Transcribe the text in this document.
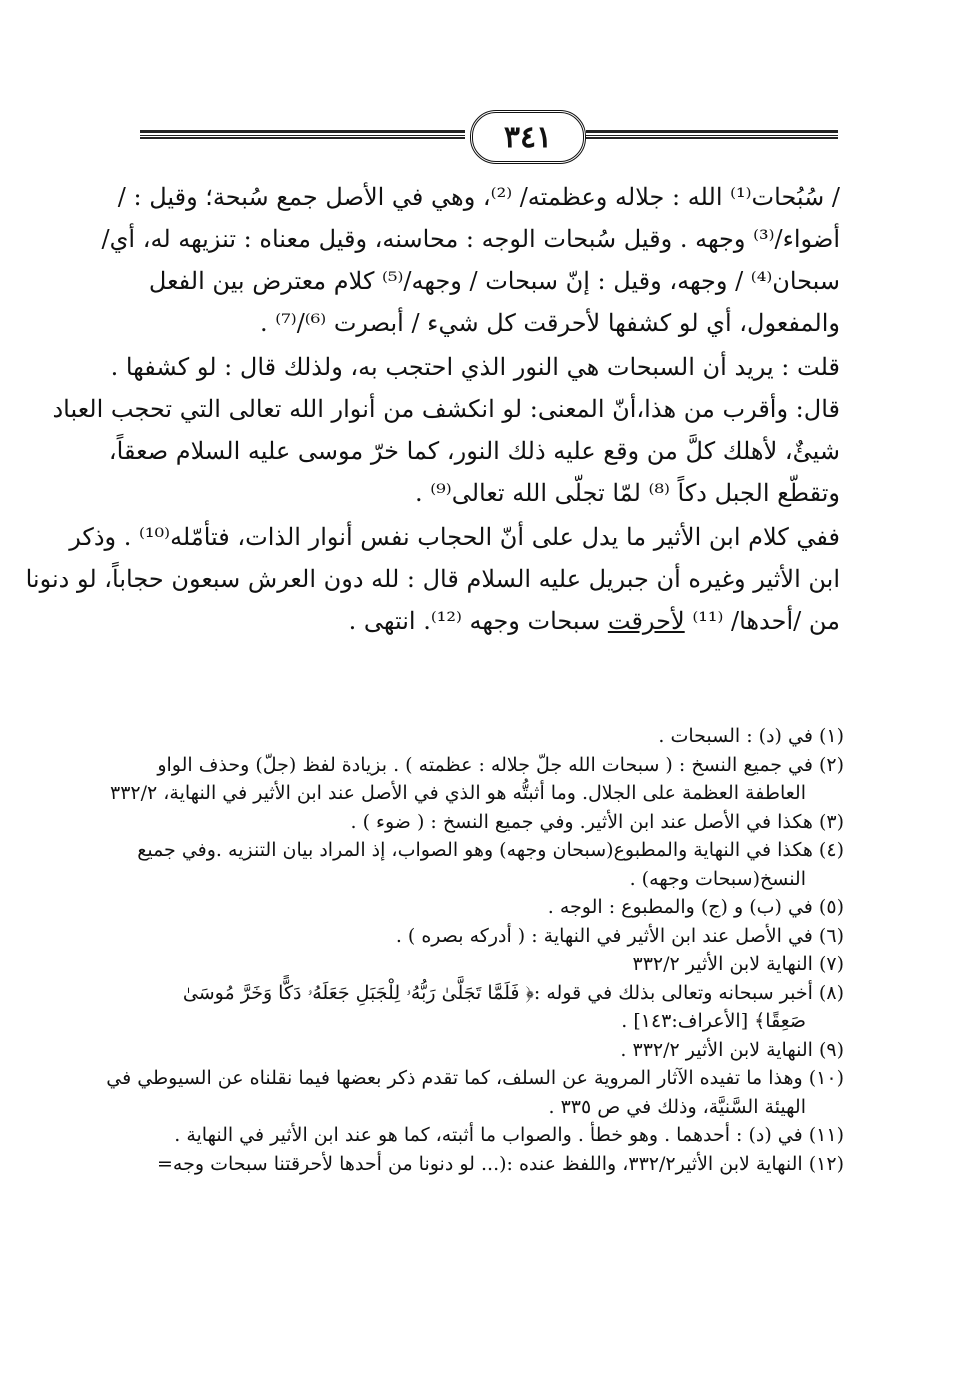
٣٤١
/ سُبُحات⁽¹⁾ الله : جلاله وعظمته/ ⁽²⁾، وهي في الأصل جمع سُبحة؛ وقيل : /
أضواء/⁽³⁾ وجهه . وقيل سُبحات الوجه : محاسنه، وقيل معناه : تنزيهه له، أي/
سبحان⁽⁴⁾ / وجهه، وقيل : إنّ سبحات / وجهه/⁽⁵⁾ كلام معترض بين الفعل
والمفعول، أي لو كشفها لأحرقت كل شيء / أبصرت ⁽⁶⁾/⁽⁷⁾ .
قلت : يريد أن السبحات هي النور الذي احتجب به، ولذلك قال : لو كشفها .
قال: وأقرب من هذا،أنّ المعنى: لو انكشف من أنوار الله تعالى التي تحجب العباد
شيئٌ، لأهلك كلَّ من وقع عليه ذلك النور، كما خرّ موسى عليه السلام صعقاً،
وتقطّع الجبل دكاً ⁽⁸⁾ لمّا تجلّى الله تعالى⁽⁹⁾ .
ففي كلام ابن الأثير ما يدل على أنّ الحجاب نفس أنوار الذات، فتأمّله⁽¹⁰⁾ . وذكر
ابن الأثير وغيره أن جبريل عليه السلام قال : لله دون العرش سبعون حجاباً، لو دنونا
من /أحدها/ ⁽¹¹⁾ لأحرقت سبحات وجهه ⁽¹²⁾. انتهى .
(١) في (د) : السبحات .
(٢) في جميع النسخ : ( سبحات الله جلّ جلاله : عظمته ) . بزيادة لفظ (جلّ) وحذف الواو
العاطفة العظمة على الجلال. وما أثبتُّه هو الذي في الأصل عند ابن الأثير في النهاية، ٣٣٢/٢
(٣) هكذا في الأصل عند ابن الأثير. وفي جميع النسخ : ( ضوء ) .
(٤) هكذا في النهاية والمطبوع(سبحان وجهه) وهو الصواب، إذ المراد بيان التنزيه .وفي جميع
النسخ(سبحات وجهه) .
(٥) في (ب) و (ج) والمطبوع : الوجه .
(٦) في الأصل عند ابن الأثير في النهاية : ( أدركه بصره ) .
(٧) النهاية لابن الأثير ٣٣٢/٢
(٨) أخبر سبحانه وتعالى بذلك في قوله :﴿ فَلَمَّا تَجَلَّىٰ رَبُّهُۥ لِلْجَبَلِ جَعَلَهُۥ دَكًّا وَخَرَّ مُوسَىٰ
صَعِقًا﴾ [الأعراف:١٤٣] .
(٩) النهاية لابن الأثير ٣٣٢/٢ .
(١٠) وهذا ما تفيده الآثار المروية عن السلف، كما تقدم ذكر بعضها فيما نقلناه عن السيوطي في
الهيئة السَّنيَّة، وذلك في ص ٣٣٥ .
(١١) في (د) : أحدهما . وهو خطأ . والصواب ما أثبته، كما هو عند ابن الأثير في النهاية .
(١٢) النهاية لابن الأثير٣٣٢/٢، واللفظ عنده :(... لو دنونا من أحدها لأحرقتنا سبحات وجه=
